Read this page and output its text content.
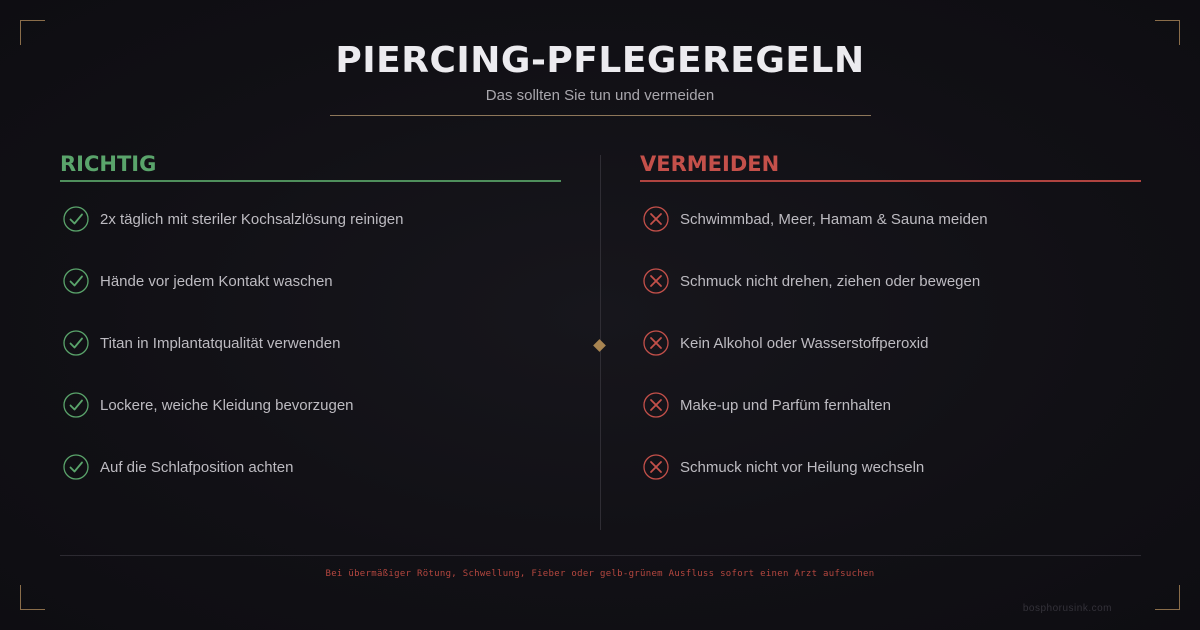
PIERCING-PFLEGEREGELN
Das sollten Sie tun und vermeiden
RICHTIG
2x täglich mit steriler Kochsalzlösung reinigen
Hände vor jedem Kontakt waschen
Titan in Implantatqualität verwenden
Lockere, weiche Kleidung bevorzugen
Auf die Schlafposition achten
VERMEIDEN
Schwimmbad, Meer, Hamam & Sauna meiden
Schmuck nicht drehen, ziehen oder bewegen
Kein Alkohol oder Wasserstoffperoxid
Make-up und Parfüm fernhalten
Schmuck nicht vor Heilung wechseln
Bei übermäßiger Rötung, Schwellung, Fieber oder gelb-grünem Ausfluss sofort einen Arzt aufsuchen
bosphorusink.com
